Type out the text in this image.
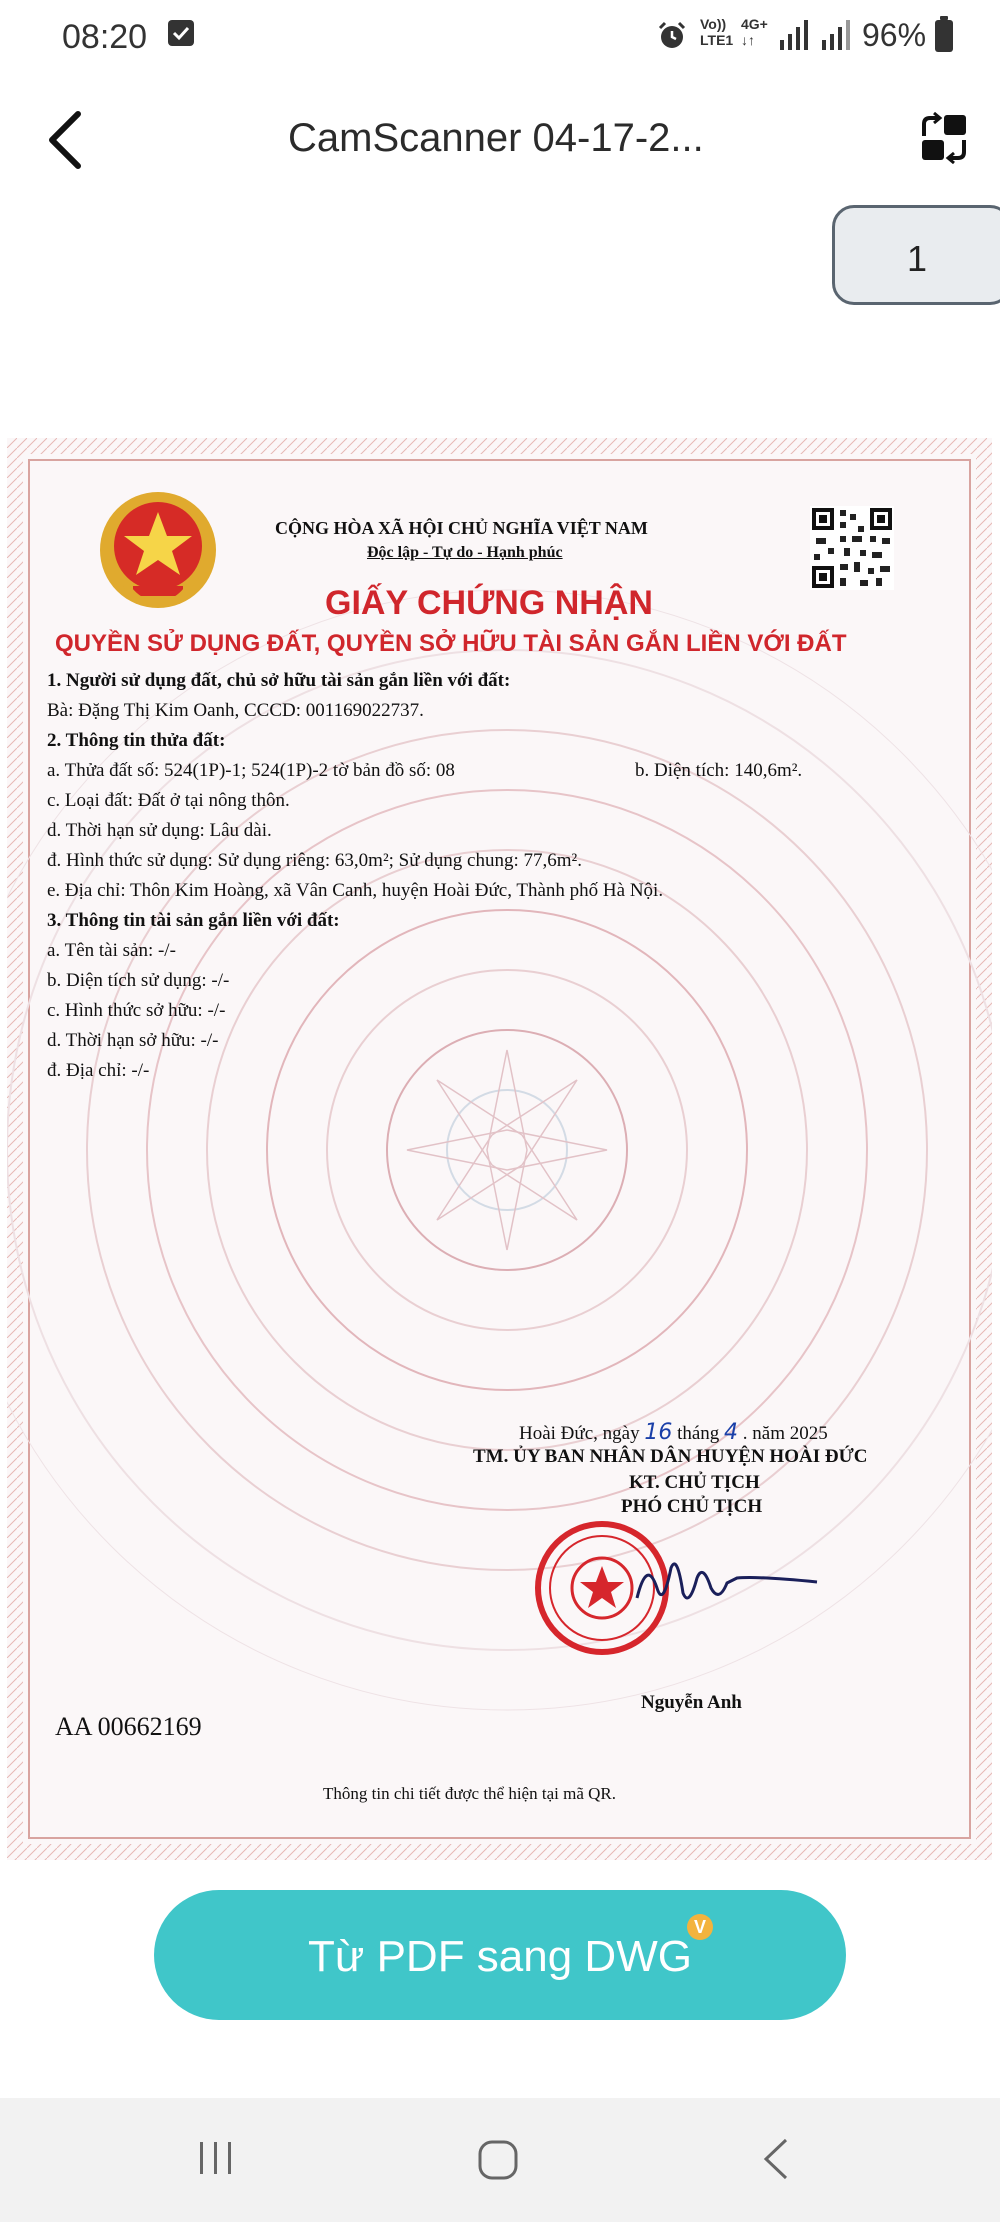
08:20	Vo))
LTE1
4G+
↓↑	96%
CamScanner 04-17-2...
1
CỘNG HÒA XÃ HỘI CHỦ NGHĨA VIỆT NAM
Độc lập - Tự do - Hạnh phúc
GIẤY CHỨNG NHẬN
QUYỀN SỬ DỤNG ĐẤT, QUYỀN SỞ HỮU TÀI SẢN GẮN LIỀN VỚI ĐẤT
1. Người sử dụng đất, chủ sở hữu tài sản gắn liền với đất:
Bà: Đặng Thị Kim Oanh, CCCD: 001169022737.
2. Thông tin thửa đất:
a. Thửa đất số: 524(1P)-1; 524(1P)-2 tờ bản đồ số: 08	b. Diện tích: 140,6m².
c. Loại đất: Đất ở tại nông thôn.
d. Thời hạn sử dụng: Lâu dài.
đ. Hình thức sử dụng: Sử dụng riêng: 63,0m²; Sử dụng chung: 77,6m².
e. Địa chỉ: Thôn Kim Hoàng, xã Vân Canh, huyện Hoài Đức, Thành phố Hà Nội.
3. Thông tin tài sản gắn liền với đất:
a. Tên tài sản: -/-
b. Diện tích sử dụng: -/-
c. Hình thức sở hữu: -/-
d. Thời hạn sở hữu: -/-
đ. Địa chỉ: -/-
Hoài Đức, ngày 16 tháng 4 . năm 2025
TM. ỦY BAN NHÂN DÂN HUYỆN HOÀI ĐỨC
KT. CHỦ TỊCH
PHÓ CHỦ TỊCH
Nguyễn Anh
AA 00662169
Thông tin chi tiết được thể hiện tại mã QR.
Từ PDF sang DWG
V
